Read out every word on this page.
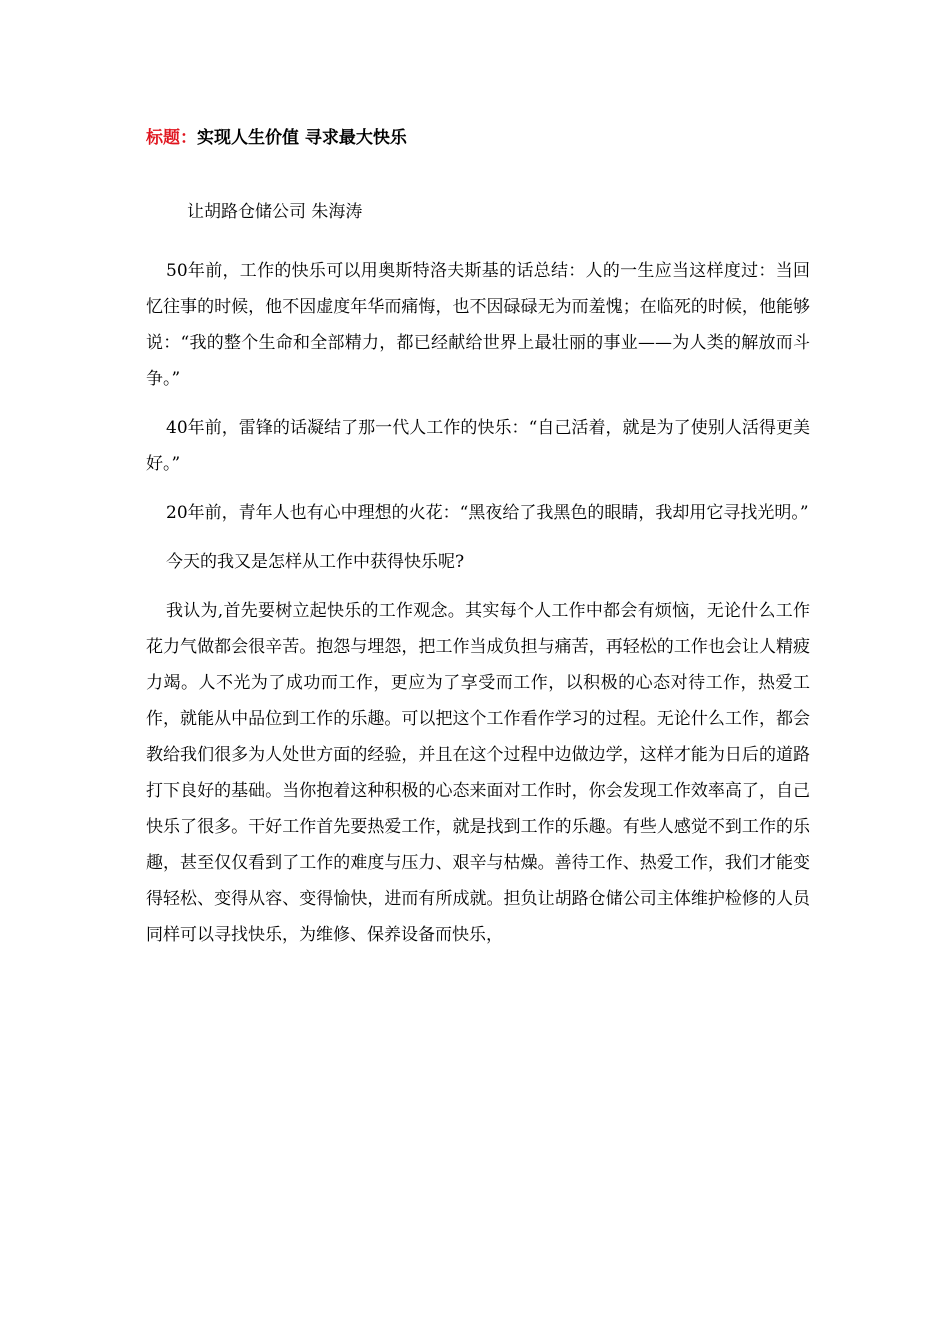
标题：实现人生价值 寻求最大快乐
让胡路仓储公司 朱海涛

50年前，工作的快乐可以用奥斯特洛夫斯基的话总结：人的一生应当这样度过：当回忆往事的时候，他不因虚度年华而痛悔，也不因碌碌无为而羞愧；在临死的时候，他能够说：“我的整个生命和全部精力，都已经献给世界上最壮丽的事业——为人类的解放而斗争。”

40年前，雷锋的话凝结了那一代人工作的快乐：“自己活着，就是为了使别人活得更美好。”

20年前，青年人也有心中理想的火花：“黑夜给了我黑色的眼睛，我却用它寻找光明。”

今天的我又是怎样从工作中获得快乐呢?

我认为,首先要树立起快乐的工作观念。其实每个人工作中都会有烦恼，无论什么工作花力气做都会很辛苦。抱怨与埋怨，把工作当成负担与痛苦，再轻松的工作也会让人精疲力竭。人不光为了成功而工作，更应为了享受而工作，以积极的心态对待工作，热爱工作，就能从中品位到工作的乐趣。可以把这个工作看作学习的过程。无论什么工作，都会教给我们很多为人处世方面的经验，并且在这个过程中边做边学，这样才能为日后的道路打下良好的基础。当你抱着这种积极的心态来面对工作时，你会发现工作效率高了，自己快乐了很多。干好工作首先要热爱工作，就是找到工作的乐趣。有些人感觉不到工作的乐趣，甚至仅仅看到了工作的难度与压力、艰辛与枯燥。善待工作、热爱工作，我们才能变得轻松、变得从容、变得愉快，进而有所成就。担负让胡路仓储公司主体维护检修的人员同样可以寻找快乐，为维修、保养设备而快乐，
